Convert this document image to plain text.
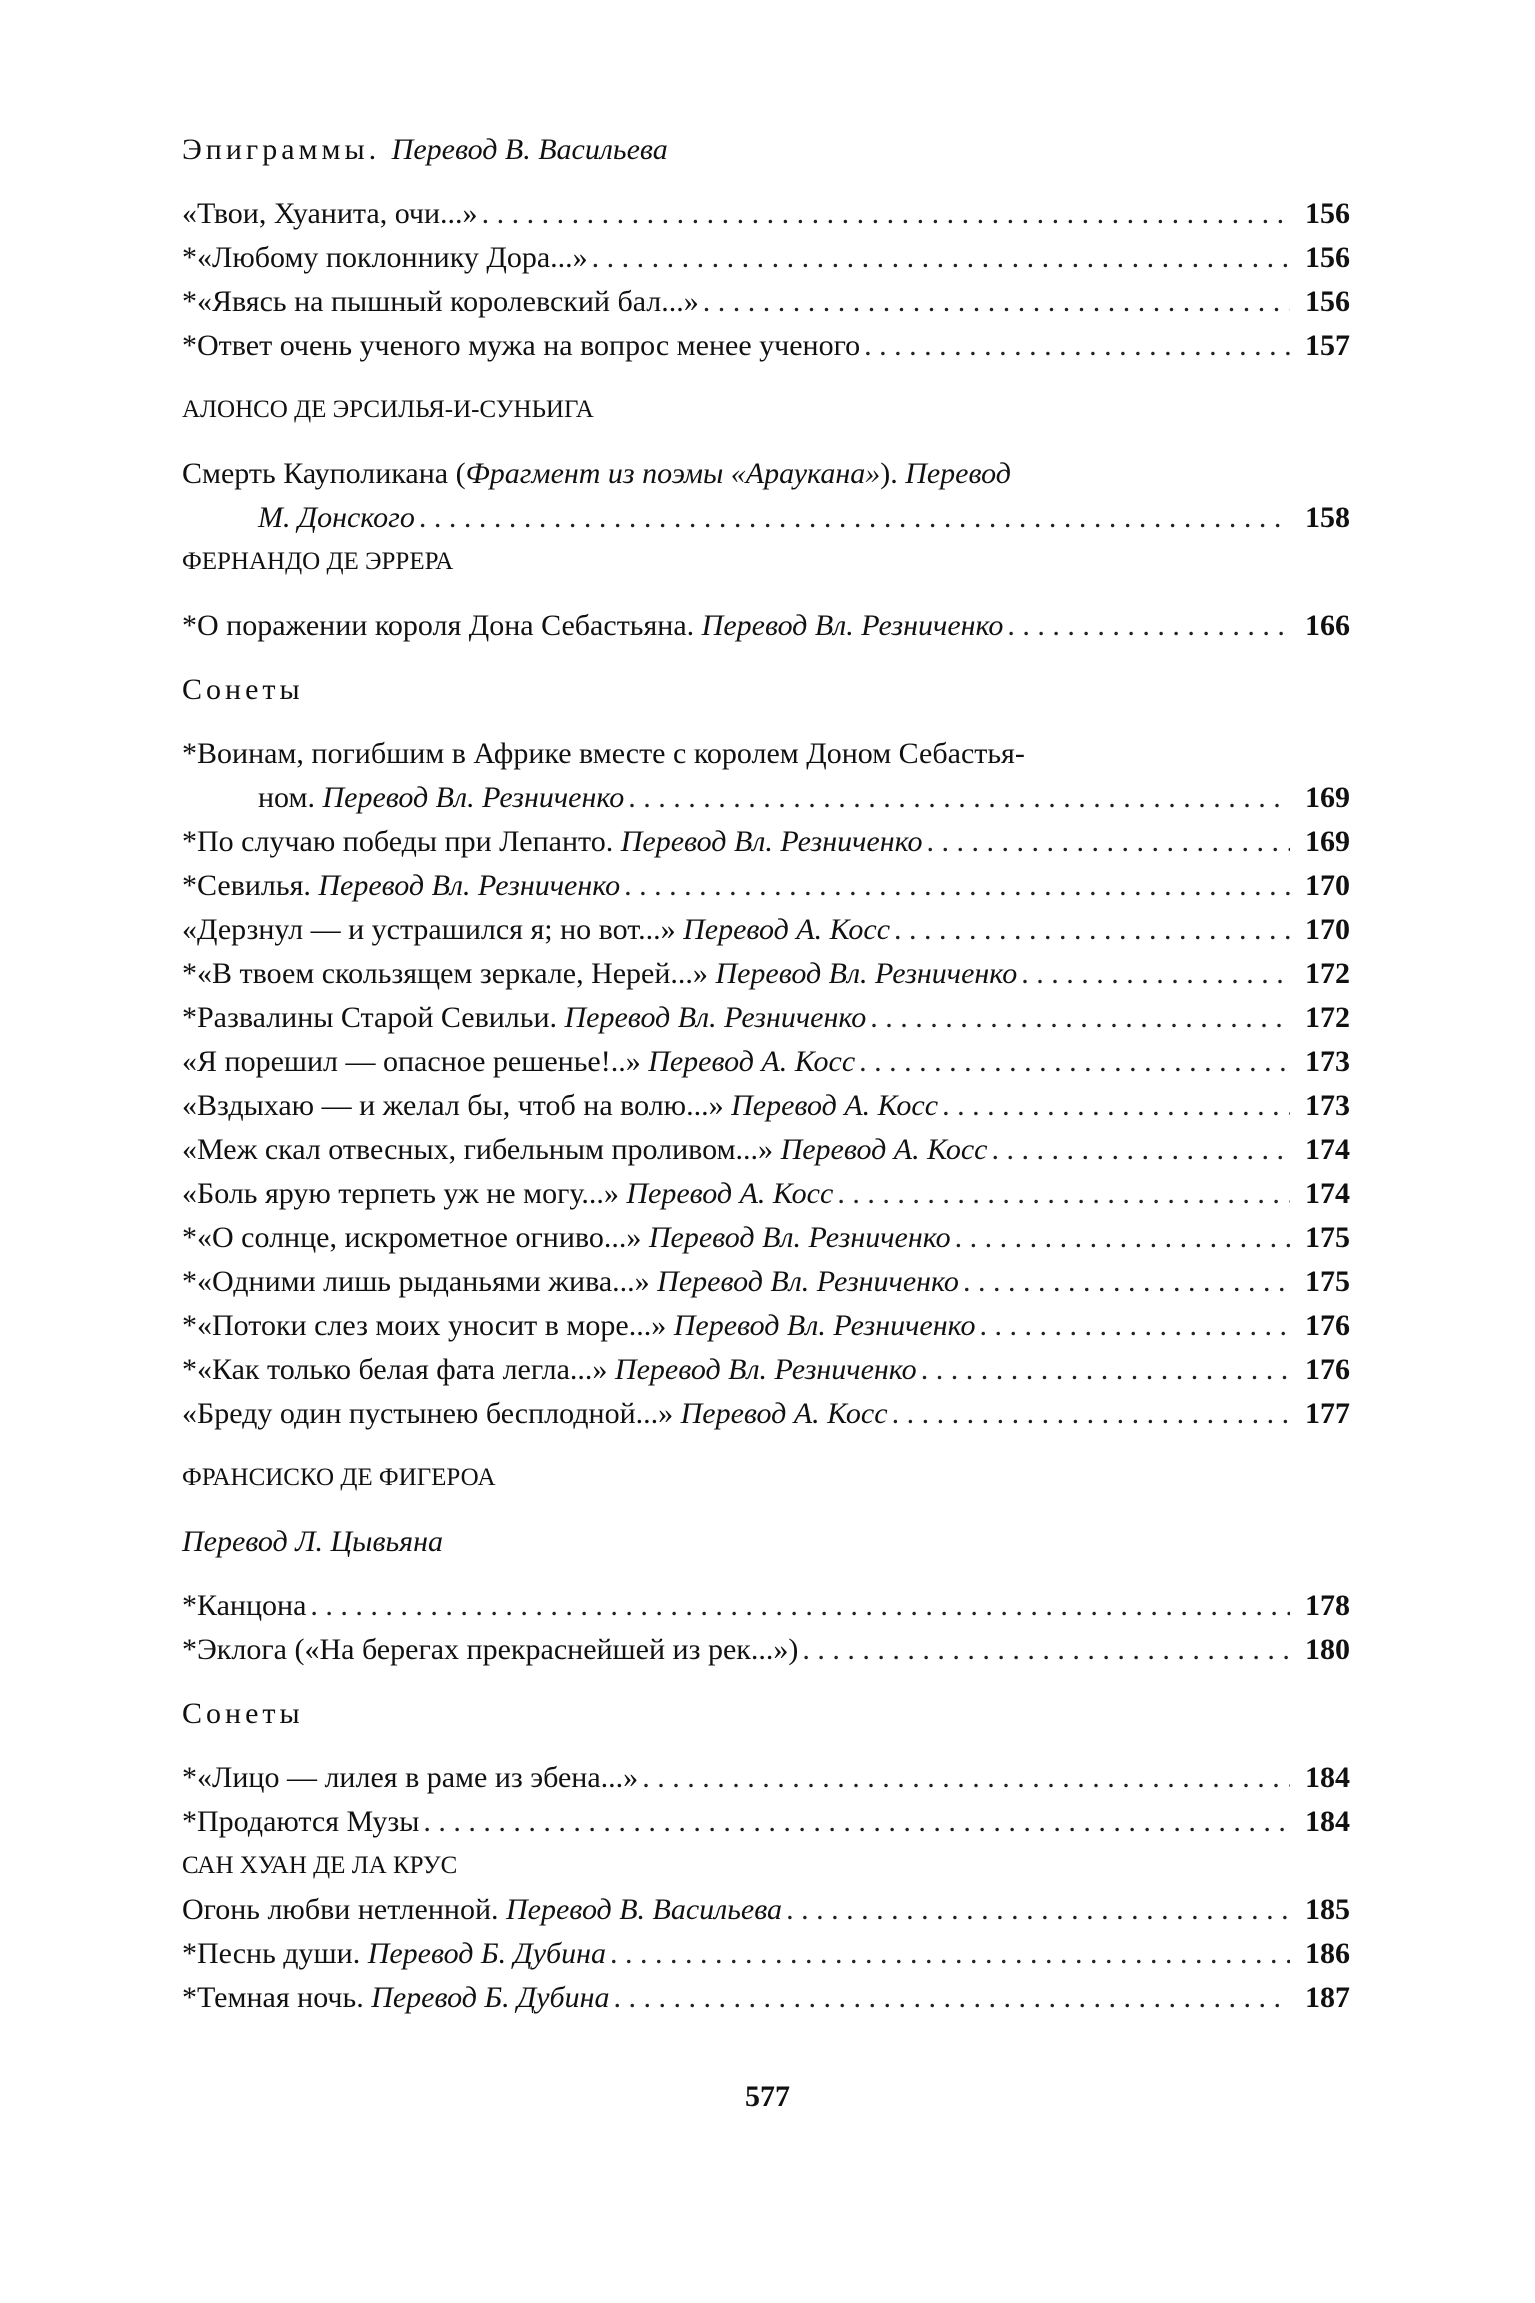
Эпиграммы. Перевод В. Васильева
«Твои, Хуанита, очи...» . . .	156
*«Любому поклоннику Дора...» . . .	156
*«Явясь на пышный королевский бал...» . . .	156
*Ответ очень ученого мужа на вопрос менее ученого . . .	157
АЛОНСО ДЕ ЭРСИЛЬЯ-И-СУНЬИГА
Смерть Кауполикана (Фрагмент из поэмы «Араукана»). Перевод
М. Донского . . .	158
ФЕРНАНДО ДЕ ЭРРЕРА
*О поражении короля Дона Себастьяна. Перевод Вл. Резниченко . . .	166
Сонеты
*Воинам, погибшим в Африке вместе с королем Доном Себастья-
ном. Перевод Вл. Резниченко . . .	169
*По случаю победы при Лепанто. Перевод Вл. Резниченко . . .	169
*Севилья. Перевод Вл. Резниченко . . .	170
«Дерзнул — и устрашился я; но вот...» Перевод А. Косс . . .	170
*«В твоем скользящем зеркале, Нерей...» Перевод Вл. Резниченко . . .	172
*Развалины Старой Севильи. Перевод Вл. Резниченко . . .	172
«Я порешил — опасное решенье!..» Перевод А. Косс . . .	173
«Вздыхаю — и желал бы, чтоб на волю...» Перевод А. Косс . . .	173
«Меж скал отвесных, гибельным проливом...» Перевод А. Косс . . .	174
«Боль ярую терпеть уж не могу...» Перевод А. Косс . . .	174
*«О солнце, искрометное огниво...» Перевод Вл. Резниченко . . .	175
*«Одними лишь рыданьями жива...» Перевод Вл. Резниченко . . .	175
*«Потоки слез моих уносит в море...» Перевод Вл. Резниченко . . .	176
*«Как только белая фата легла...» Перевод Вл. Резниченко . . .	176
«Бреду один пустынею бесплодной...» Перевод А. Косс . . .	177
ФРАНСИСКО ДЕ ФИГЕРОА
Перевод Л. Цывьяна
*Канцона . . .	178
*Эклога («На берегах прекраснейшей из рек...») . . .	180
Сонеты
*«Лицо — лилея в раме из эбена...» . . .	184
*Продаются Музы . . .	184
САН ХУАН ДЕ ЛА КРУС
Огонь любви нетленной. Перевод В. Васильева . . .	185
*Песнь души. Перевод Б. Дубина . . .	186
*Темная ночь. Перевод Б. Дубина . . .	187
577
